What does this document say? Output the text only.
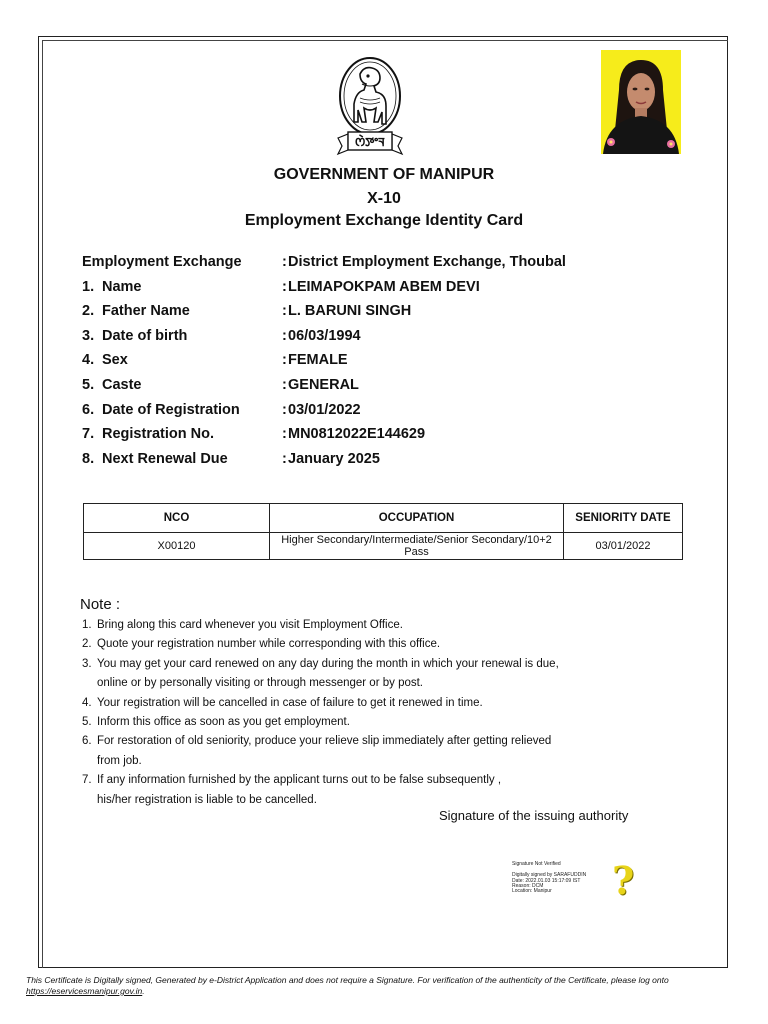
ꯁꯥꯇꯦꯜ
GOVERNMENT OF MANIPUR
X-10
Employment Exchange Identity Card
Employment Exchange	: District Employment Exchange, Thoubal
1. Name	: LEIMAPOKPAM ABEM DEVI
2. Father Name	: L. BARUNI SINGH
3. Date of birth	: 06/03/1994
4. Sex	: FEMALE
5. Caste	: GENERAL
6. Date of Registration	: 03/01/2022
7. Registration No.	: MN0812022E144629
8. Next Renewal Due	: January 2025
NCO	OCCUPATION	SENIORITY DATE
X00120	Higher Secondary/Intermediate/Senior Secondary/10+2 Pass	03/01/2022
Note :
1. Bring along this card whenever you visit Employment Office.
2. Quote your registration number while corresponding with this office.
3. You may get your card renewed on any day during the month in which your renewal is due,
online or by personally visiting or through messenger or by post.
4. Your registration will be cancelled in case of failure to get it renewed in time.
5. Inform this office as soon as you get employment.
6. For restoration of old seniority, produce your relieve slip immediately after getting relieved
from job.
7. If any information furnished by the applicant turns out to be false subsequently ,
his/her registration is liable to be cancelled.
Signature of the issuing authority
Signature Not Verified
Digitally signed by SARAFUDDIN
Date: 2022.01.03 15:17:09 IST
Reason: DCM
Location: Manipur	?
This Certificate is Digitally signed, Generated by e-District Application and does not require a Signature. For verification of the authenticity of the Certificate, please log onto https://eservicesmanipur.gov.in.
